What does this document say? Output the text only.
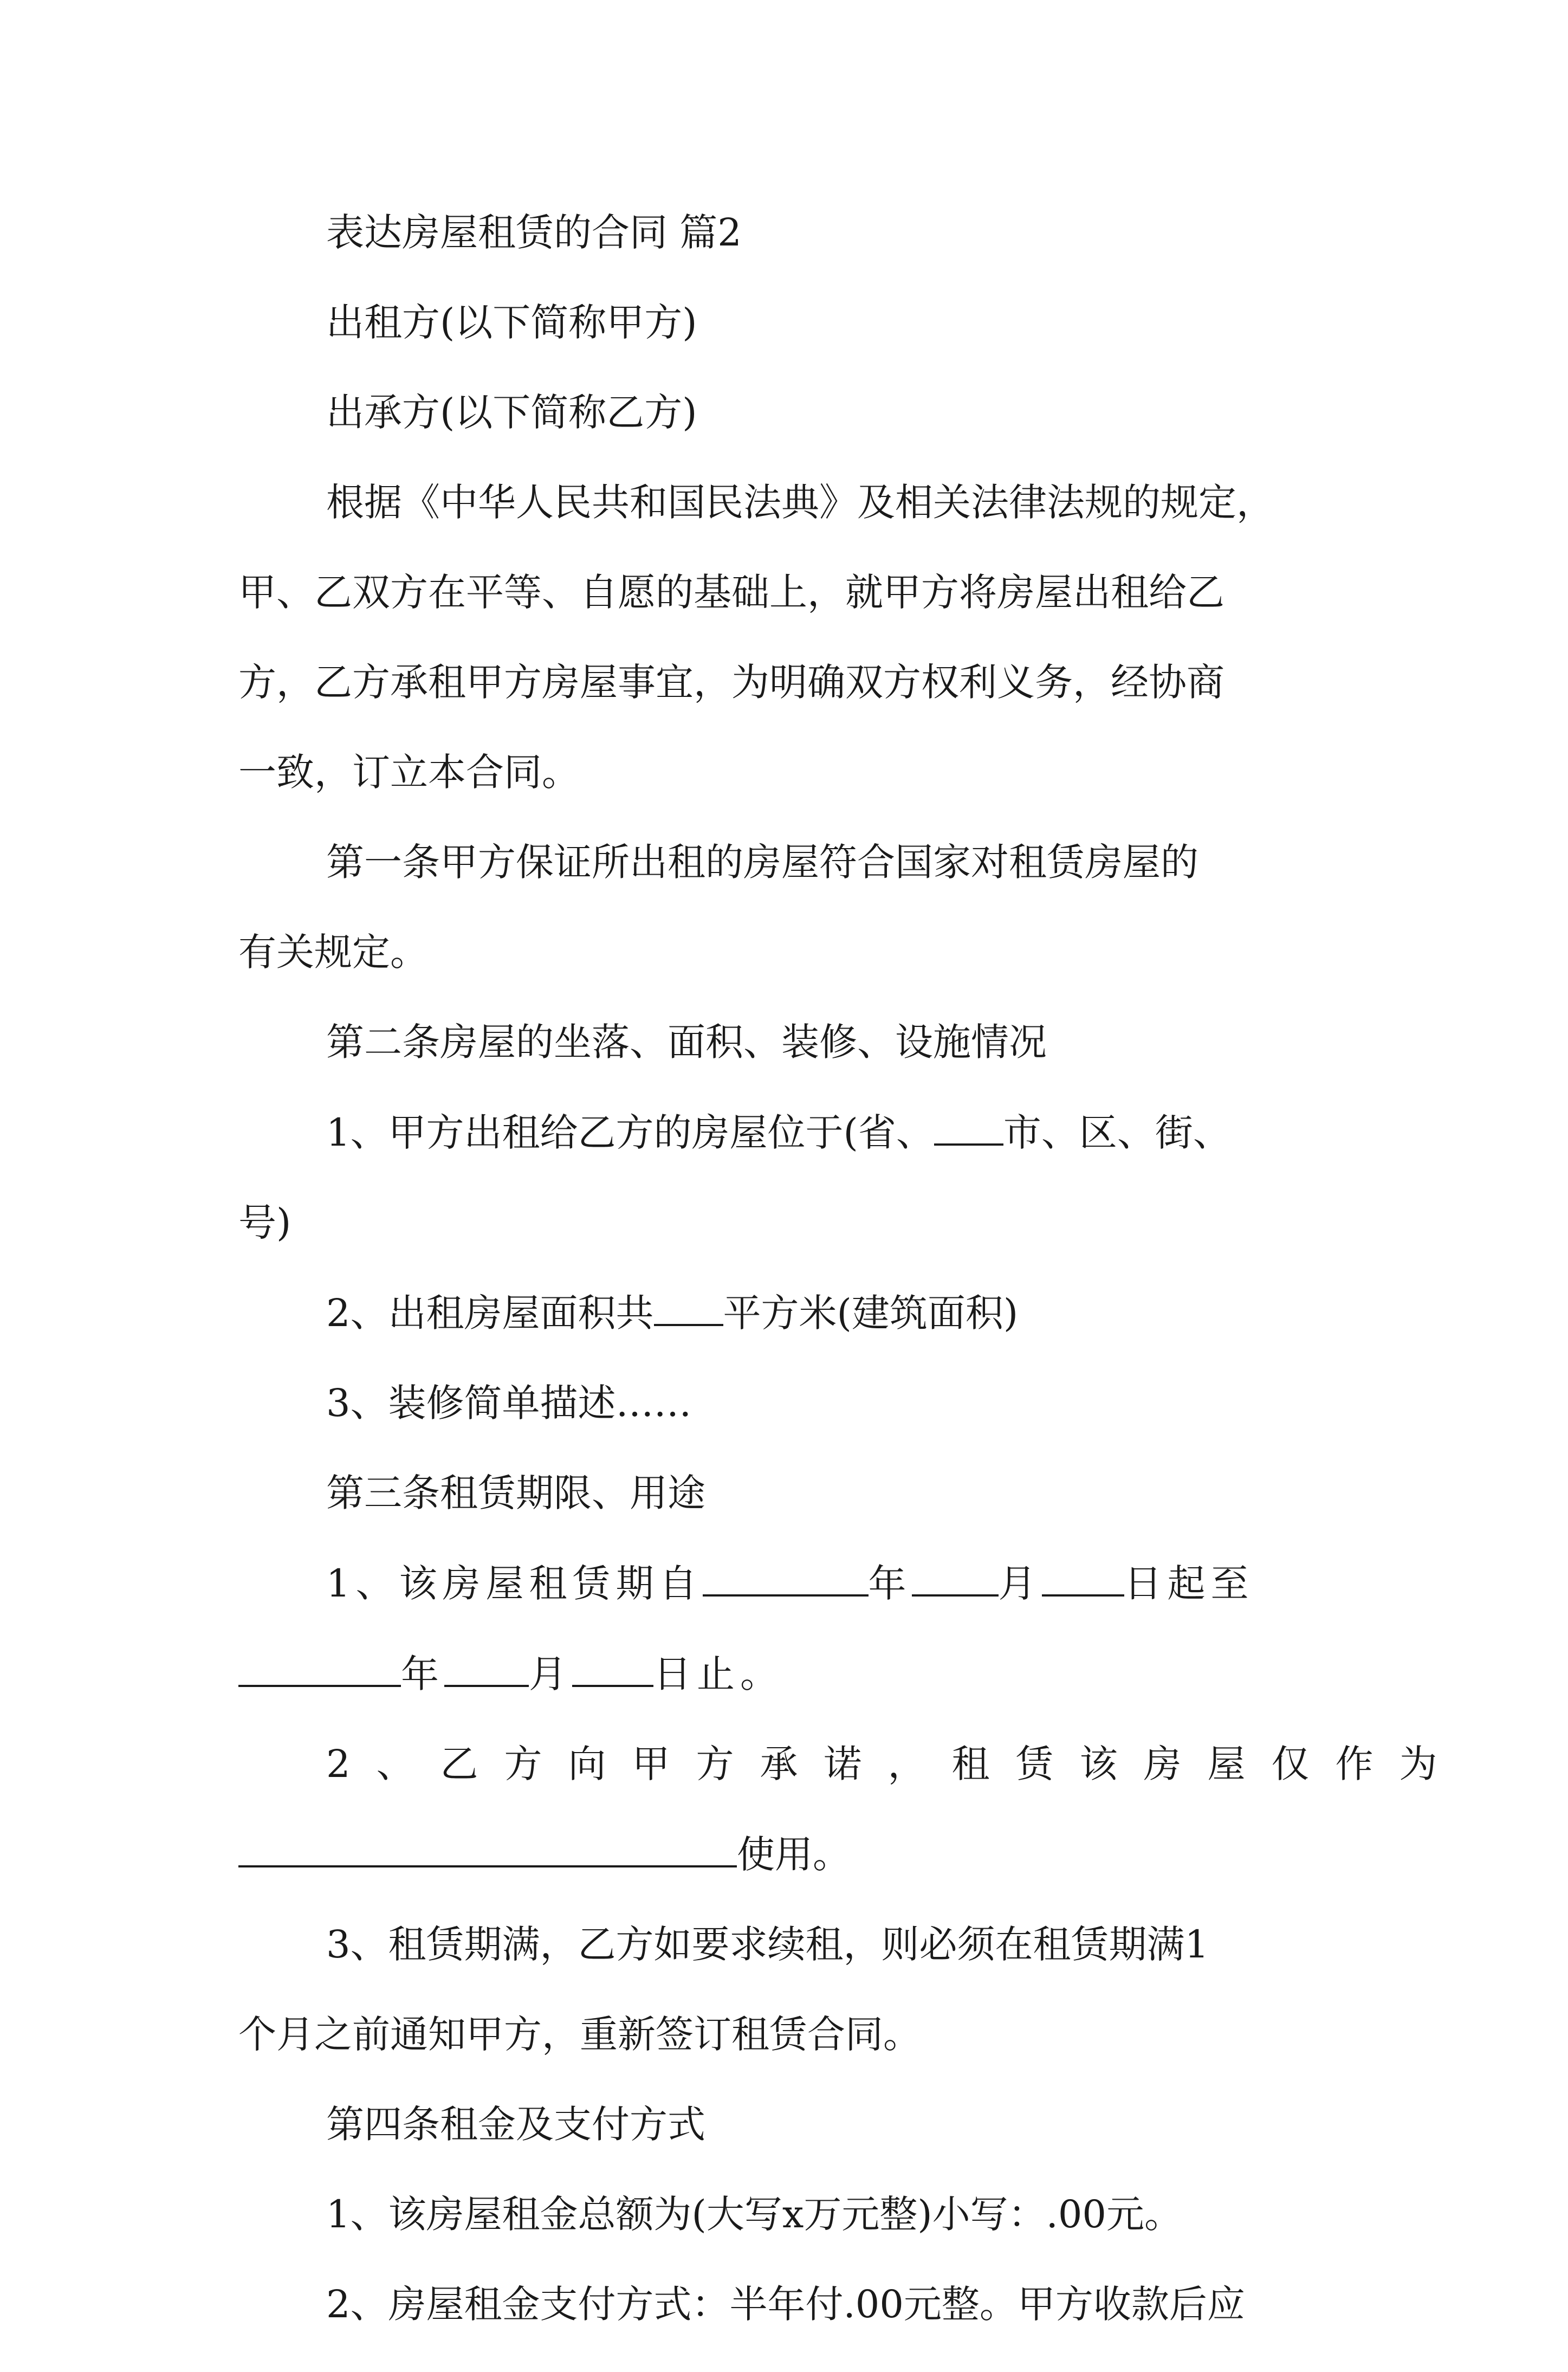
表达房屋租赁的合同 篇2
出租方(以下简称甲方)
出承方(以下简称乙方)
根据《中华人民共和国民法典》及相关法律法规的规定，
甲、乙双方在平等、自愿的基础上，就甲方将房屋出租给乙
方，乙方承租甲方房屋事宜，为明确双方权利义务，经协商
一致，订立本合同。
第一条甲方保证所出租的房屋符合国家对租赁房屋的
有关规定。
第二条房屋的坐落、面积、装修、设施情况
1、甲方出租给乙方的房屋位于(省、 市、区、街、
号)
2、出租房屋面积共 平方米(建筑面积)
3、装修简单描述……
第三条租赁期限、用途
1、该房屋租赁期自	年 月 日起至
年 月 日止。
2、乙方向甲方承诺，租赁该房屋仅作为
使用。
3、租赁期满，乙方如要求续租，则必须在租赁期满1
个月之前通知甲方，重新签订租赁合同。
第四条租金及支付方式
1、该房屋租金总额为(大写x万元整)小写：.00元。
2、房屋租金支付方式：半年付.00元整。甲方收款后应
